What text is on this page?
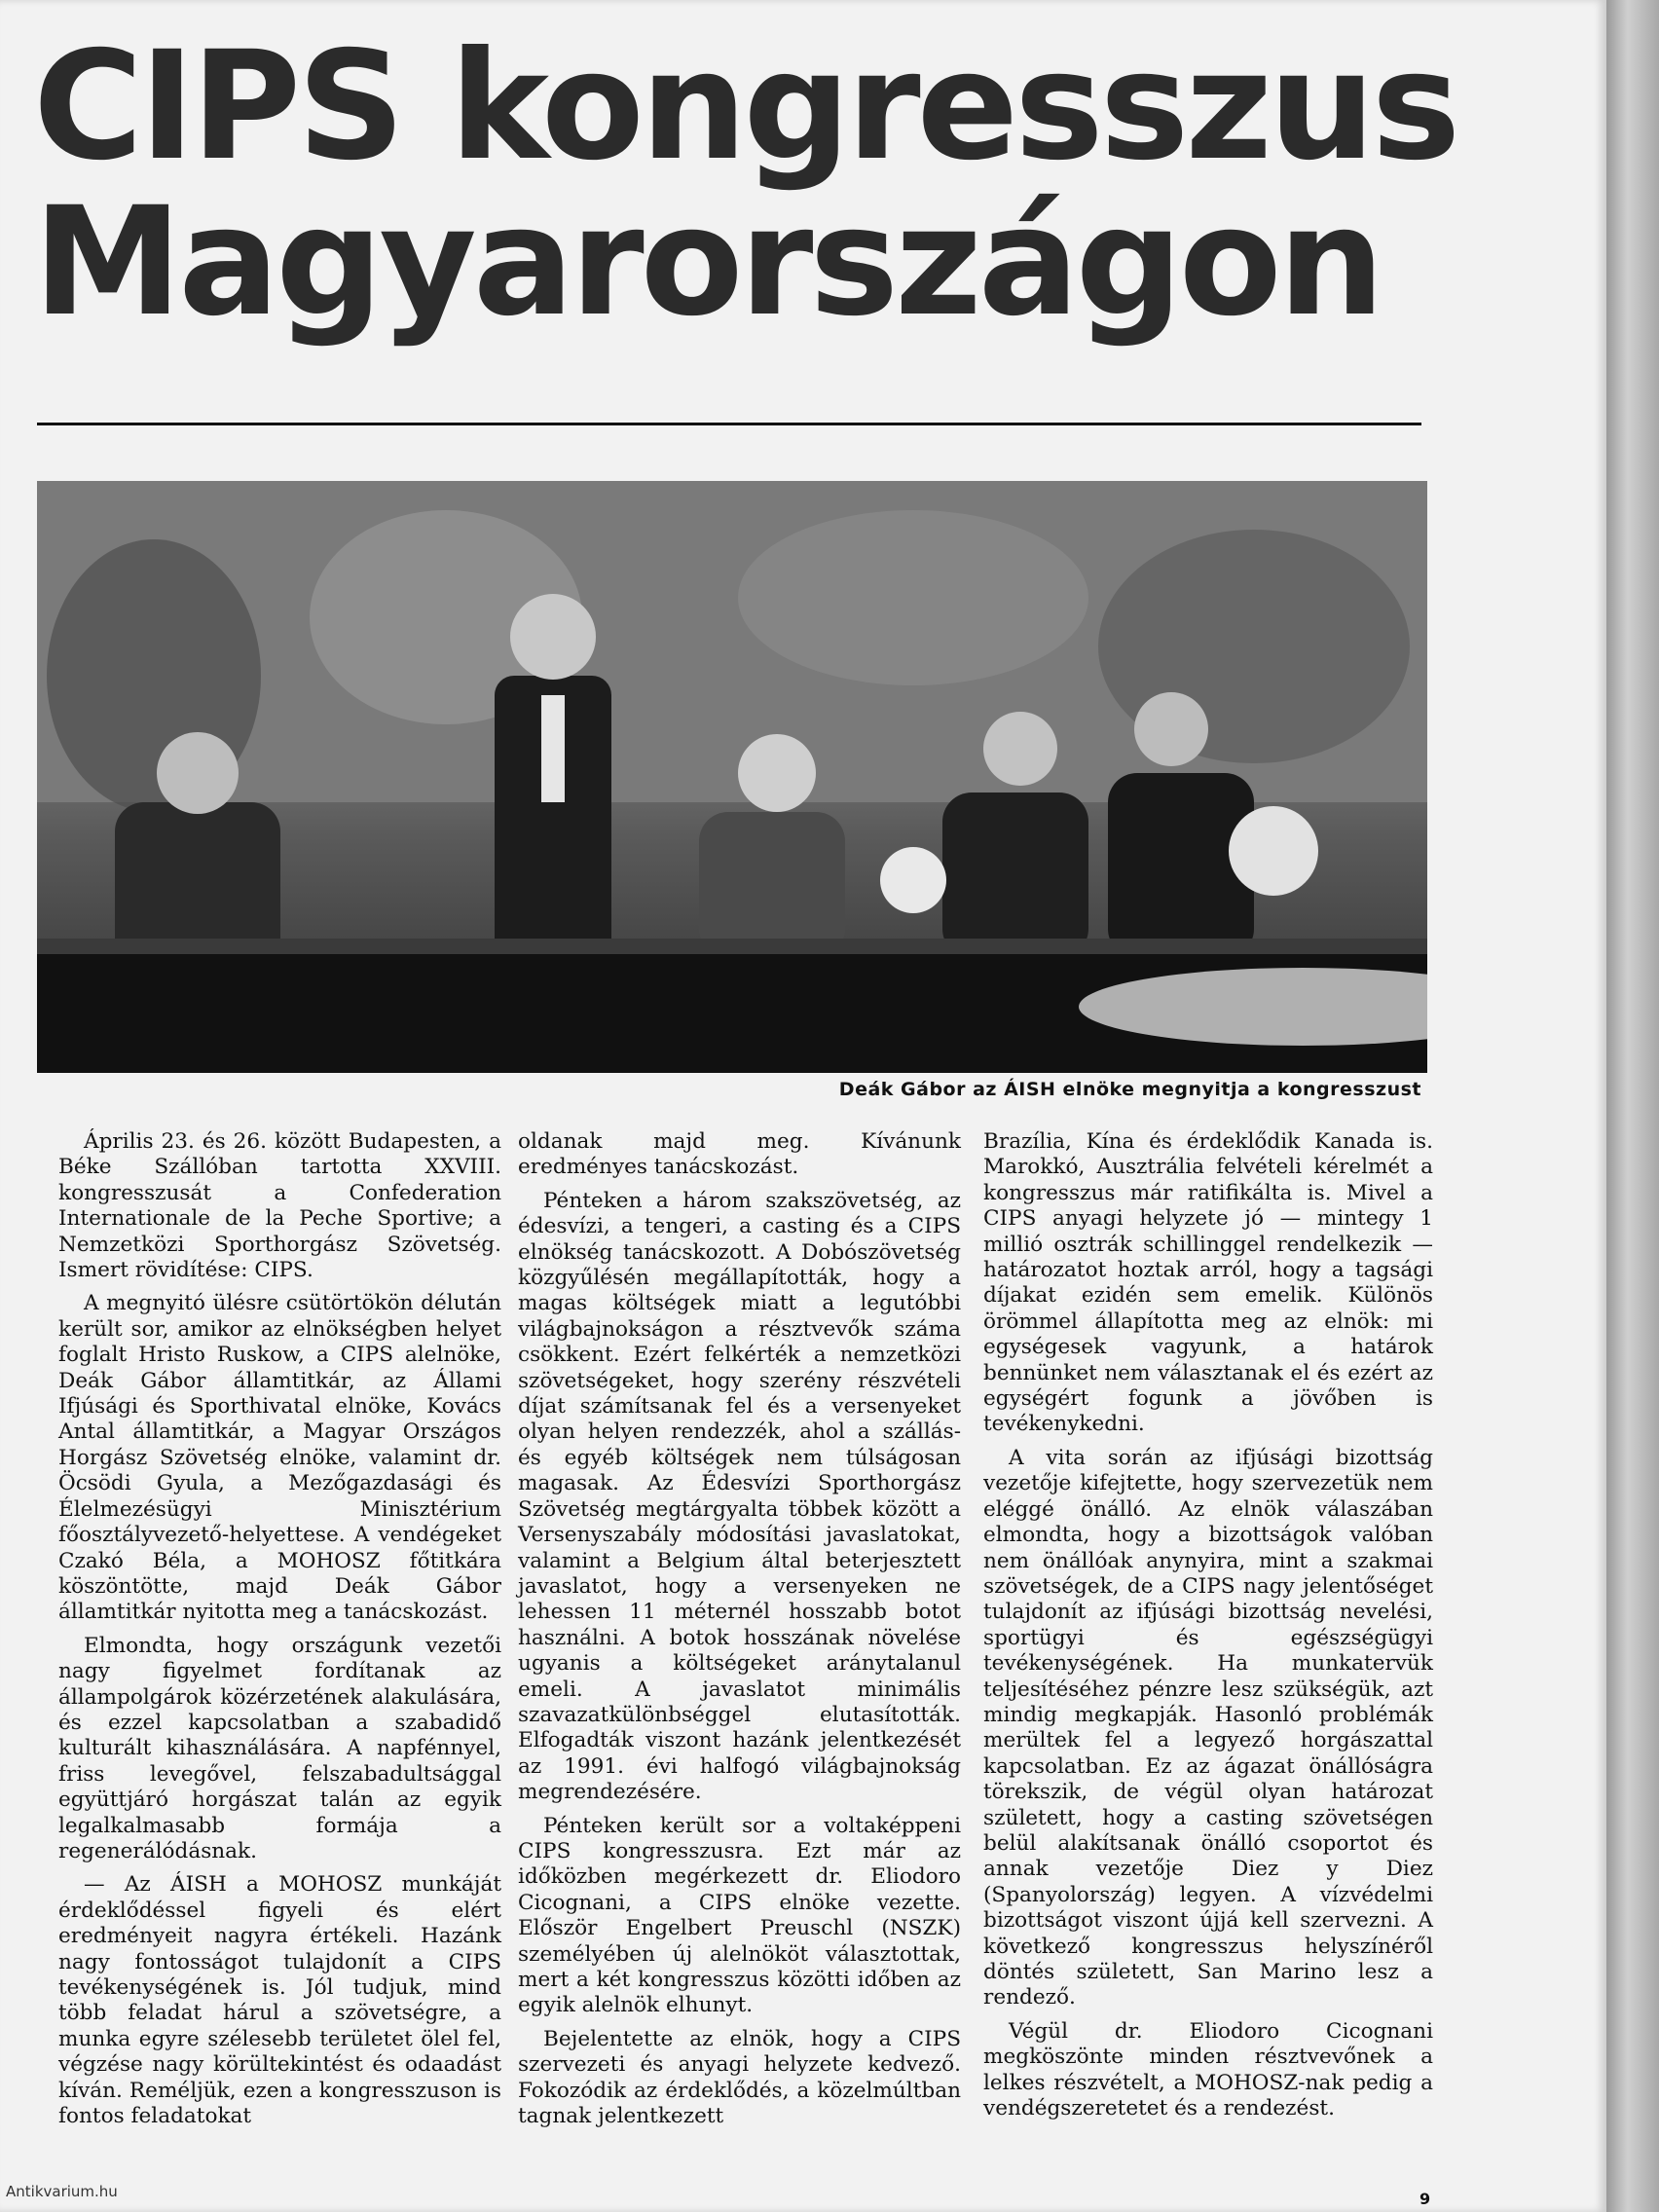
CIPS kongresszus
Magyarországon
Deák Gábor az ÁISH elnöke megnyitja a kongresszust

Április 23. és 26. között Budapesten, a Béke Szállóban tartotta XXVIII. kongresszusát a Confederation Internationale de la Peche Sportive; a Nemzetközi Sporthorgász Szövetség. Ismert rövidítése: CIPS.

A megnyitó ülésre csütörtökön délután került sor, amikor az elnökségben helyet foglalt Hristo Ruskow, a CIPS alelnöke, Deák Gábor államtitkár, az Állami Ifjúsági és Sporthivatal elnöke, Kovács Antal államtitkár, a Magyar Országos Horgász Szövetség elnöke, valamint dr. Öcsödi Gyula, a Mezőgazdasági és Élelmezésügyi Minisztérium főosztályvezető-helyettese. A vendégeket Czakó Béla, a MOHOSZ főtitkára köszöntötte, majd Deák Gábor államtitkár nyitotta meg a tanácskozást.

Elmondta, hogy országunk vezetői nagy figyelmet fordítanak az állampolgárok közérzetének alakulására, és ezzel kapcsolatban a szabadidő kulturált kihasználására. A napfénnyel, friss levegővel, felszabadultsággal együttjáró horgászat talán az egyik legalkalmasabb formája a regenerálódásnak.

— Az ÁISH a MOHOSZ munkáját érdeklődéssel figyeli és elért eredményeit nagyra értékeli. Hazánk nagy fontosságot tulajdonít a CIPS tevékenységének is. Jól tudjuk, mind több feladat hárul a szövetségre, a munka egyre szélesebb területet ölel fel, végzése nagy körültekintést és odaadást kíván. Reméljük, ezen a kongresszuson is fontos feladatokat

oldanak majd meg. Kívánunk eredményes tanácskozást.

Pénteken a három szakszövetség, az édesvízi, a tengeri, a casting és a CIPS elnökség tanácskozott. A Dobószövetség közgyűlésén megállapították, hogy a magas költségek miatt a legutóbbi világbajnokságon a résztvevők száma csökkent. Ezért felkérték a nemzetközi szövetségeket, hogy szerény részvételi díjat számítsanak fel és a versenyeket olyan helyen rendezzék, ahol a szállás- és egyéb költségek nem túlságosan magasak. Az Édesvízi Sporthorgász Szövetség megtárgyalta többek között a Versenyszabály módosítási javaslatokat, valamint a Belgium által beterjesztett javaslatot, hogy a versenyeken ne lehessen 11 méternél hosszabb botot használni. A botok hosszának növelése ugyanis a költségeket aránytalanul emeli. A javaslatot minimális szavazatkülönbséggel elutasították. Elfogadták viszont hazánk jelentkezését az 1991. évi halfogó világbajnokság megrendezésére.

Pénteken került sor a voltaképpeni CIPS kongresszusra. Ezt már az időközben megérkezett dr. Eliodoro Cicognani, a CIPS elnöke vezette. Először Engelbert Preuschl (NSZK) személyében új alelnököt választottak, mert a két kongresszus közötti időben az egyik alelnök elhunyt.

Bejelentette az elnök, hogy a CIPS szervezeti és anyagi helyzete kedvező. Fokozódik az érdeklődés, a közelmúltban tagnak jelentkezett

Brazília, Kína és érdeklődik Kanada is. Marokkó, Ausztrália felvételi kérelmét a kongresszus már ratifikálta is. Mivel a CIPS anyagi helyzete jó — mintegy 1 millió osztrák schillinggel rendelkezik — határozatot hoztak arról, hogy a tagsági díjakat ezidén sem emelik. Különös örömmel állapította meg az elnök: mi egységesek vagyunk, a határok bennünket nem választanak el és ezért az egységért fogunk a jövőben is tevékenykedni.

A vita során az ifjúsági bizottság vezetője kifejtette, hogy szervezetük nem eléggé önálló. Az elnök válaszában elmondta, hogy a bizottságok valóban nem önállóak anynyira, mint a szakmai szövetségek, de a CIPS nagy jelentőséget tulajdonít az ifjúsági bizottság nevelési, sportügyi és egészségügyi tevékenységének. Ha munkatervük teljesítéséhez pénzre lesz szükségük, azt mindig megkapják. Hasonló problémák merültek fel a legyező horgászattal kapcsolatban. Ez az ágazat önállóságra törekszik, de végül olyan határozat született, hogy a casting szövetségen belül alakítsanak önálló csoportot és annak vezetője Diez y Diez (Spanyolország) legyen. A vízvédelmi bizottságot viszont újjá kell szervezni. A következő kongresszus helyszínéről döntés született, San Marino lesz a rendező.

Végül dr. Eliodoro Cicognani megköszönte minden résztvevőnek a lelkes részvételt, a MOHOSZ-nak pedig a vendégszeretetet és a rendezést.

Antikvarium.hu	9
